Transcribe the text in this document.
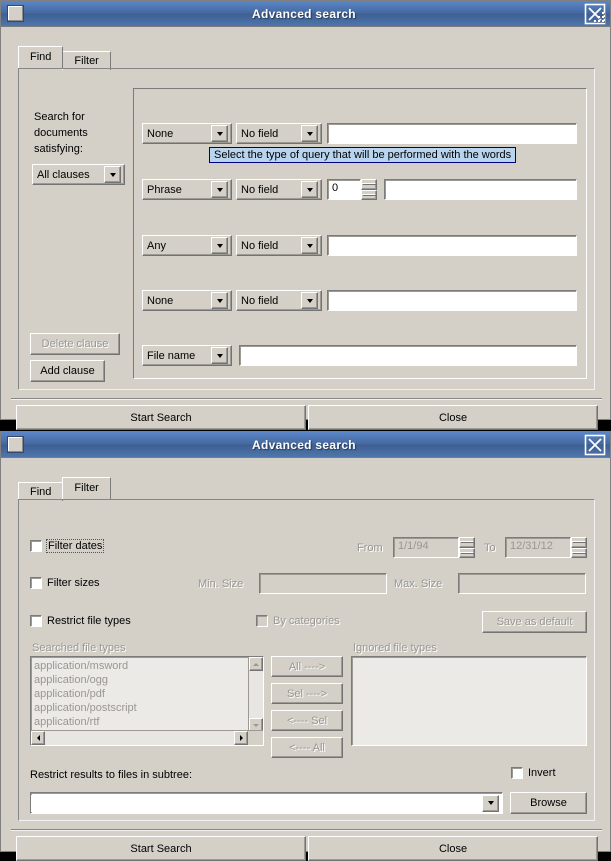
Advanced search
Find	Filter
Search for documents satisfying:
All clauses
Delete clause
Add clause
None	No field
Select the type of query that will be performed with the words
Phrase	No field	0
Any	No field
None	No field
File name
Start Search	Close
Advanced search
Find	Filter
Filter dates	From	1/1/94	To	12/31/12
Filter sizes	Min. Size	Max. Size
Restrict file types	By categories	Save as default
Searched file types
application/msword
application/ogg
application/pdf
application/postscript
application/rtf
All ---->
Sel ---->
<---- Sel
<---- All
Ignored file types
Restrict results to files in subtree:	Invert
Browse
Start Search	Close
